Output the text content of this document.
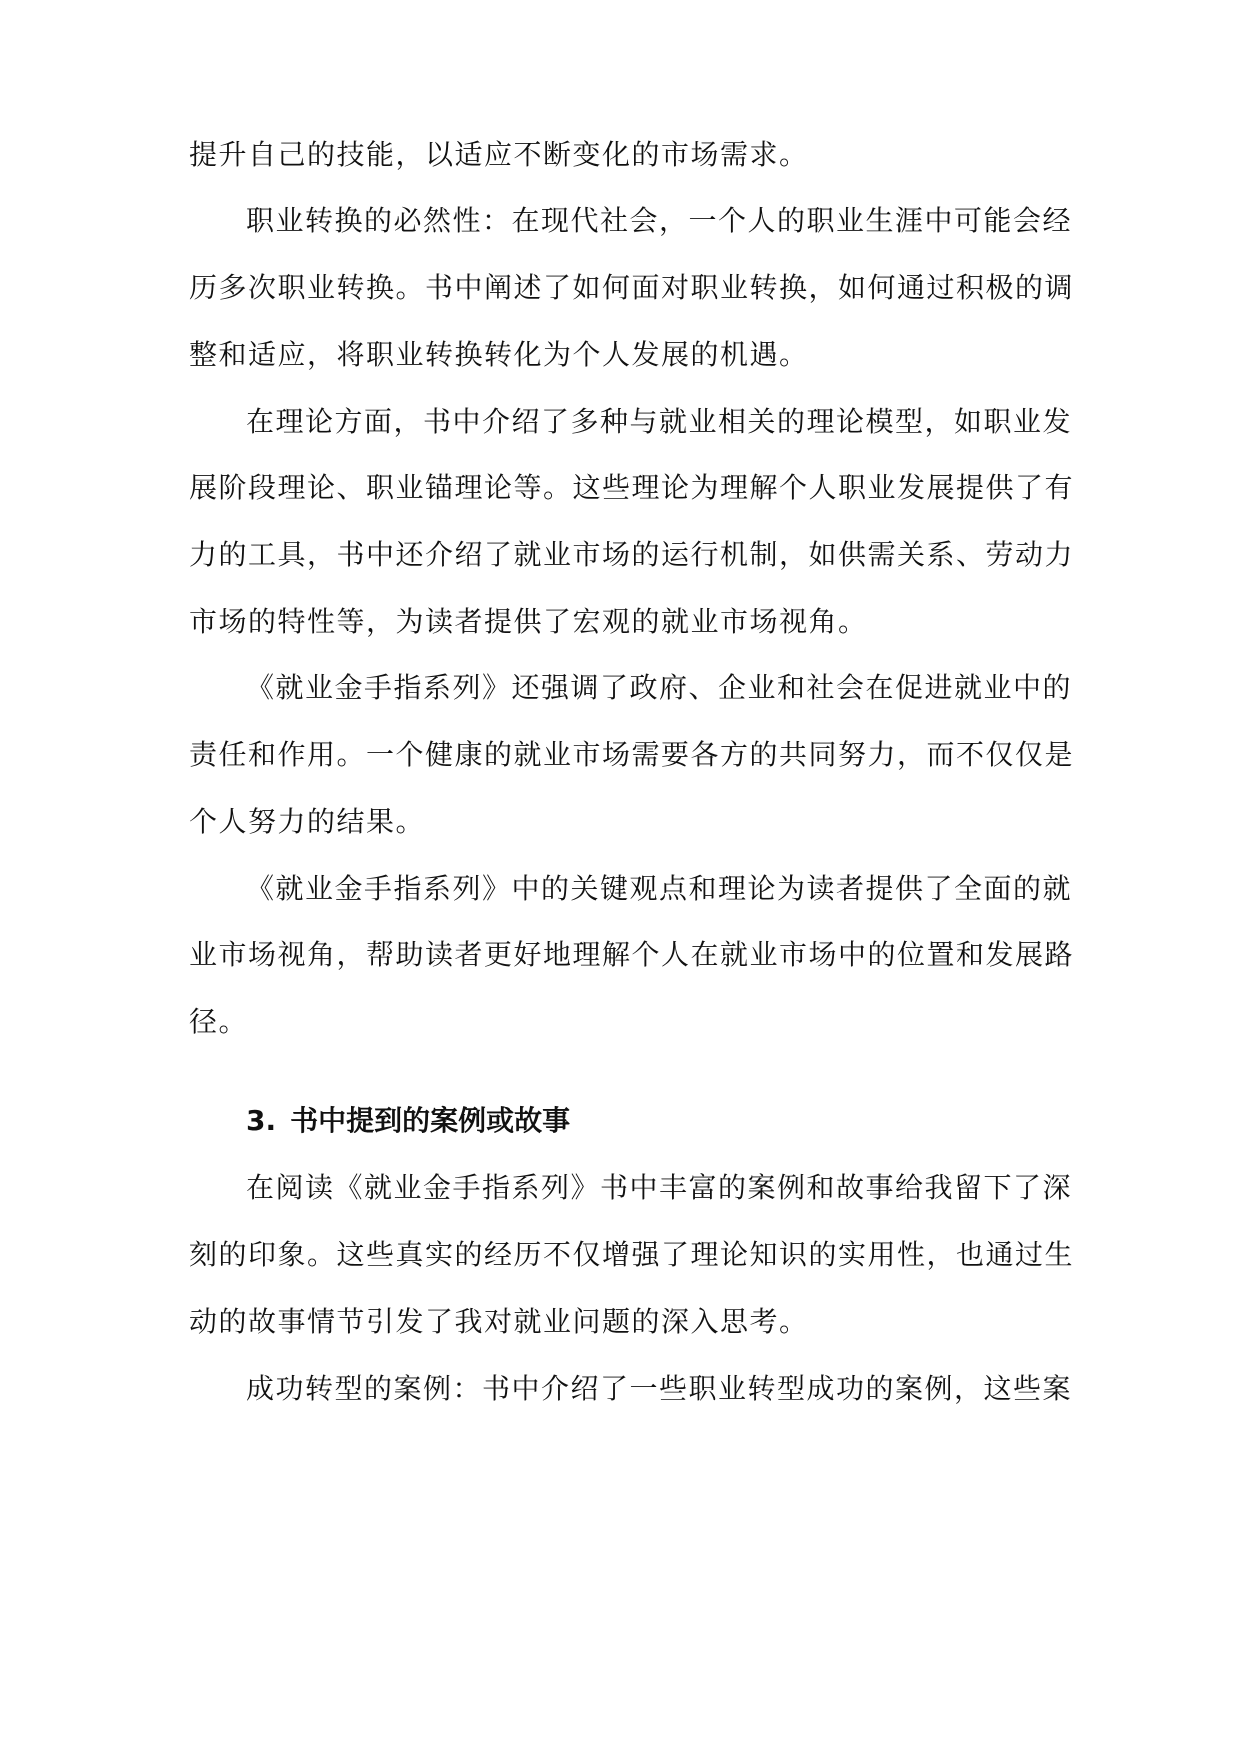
提升自己的技能，以适应不断变化的市场需求。
职业转换的必然性：在现代社会，一个人的职业生涯中可能会经
历多次职业转换。书中阐述了如何面对职业转换，如何通过积极的调
整和适应，将职业转换转化为个人发展的机遇。
在理论方面，书中介绍了多种与就业相关的理论模型，如职业发
展阶段理论、职业锚理论等。这些理论为理解个人职业发展提供了有
力的工具，书中还介绍了就业市场的运行机制，如供需关系、劳动力
市场的特性等，为读者提供了宏观的就业市场视角。
《就业金手指系列》还强调了政府、企业和社会在促进就业中的
责任和作用。一个健康的就业市场需要各方的共同努力，而不仅仅是
个人努力的结果。
《就业金手指系列》中的关键观点和理论为读者提供了全面的就
业市场视角，帮助读者更好地理解个人在就业市场中的位置和发展路
径。
3. 书中提到的案例或故事
在阅读《就业金手指系列》书中丰富的案例和故事给我留下了深
刻的印象。这些真实的经历不仅增强了理论知识的实用性，也通过生
动的故事情节引发了我对就业问题的深入思考。
成功转型的案例：书中介绍了一些职业转型成功的案例，这些案
